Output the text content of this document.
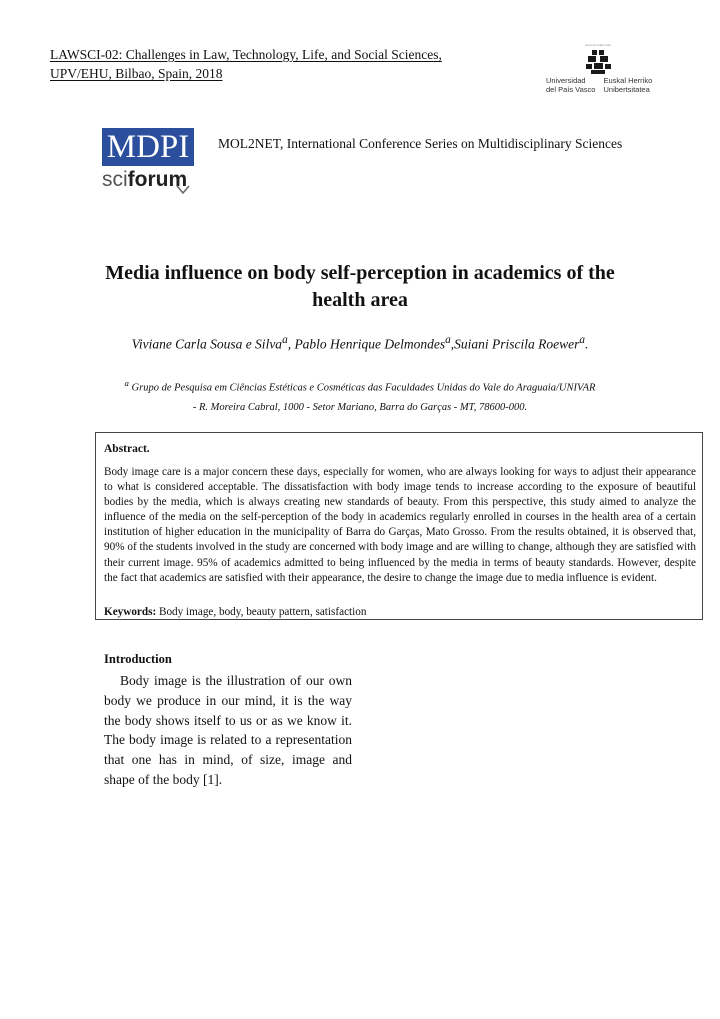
LAWSCI-02: Challenges in Law, Technology, Life, and Social Sciences,
UPV/EHU, Bilbao, Spain, 2018
eman ta zabal zazu
Universidad
del País Vasco
Euskal Herriko
Unibertsitatea
MDPI
sciforum
MOL2NET, International Conference Series on Multidisciplinary Sciences
Media influence on body self-perception in academics of the health area
Viviane Carla Sousa e Silva$^a$, Pablo Henrique Delmondes$^a$,Suiani Priscila Roewer$^a$.
$^a$ Grupo de Pesquisa em Ciências Estéticas e Cosméticas das Faculdades Unidas do Vale do Araguaia/UNIVAR
- R. Moreira Cabral, 1000 - Setor Mariano, Barra do Garças - MT, 78600-000.
Abstract.
Body image care is a major concern these days, especially for women, who are always looking for ways to adjust their appearance to what is considered acceptable. The dissatisfaction with body image tends to increase according to the exposure of beautiful bodies by the media, which is always creating new standards of beauty. From this perspective, this study aimed to analyze the influence of the media on the self-perception of the body in academics regularly enrolled in courses in the health area of a certain institution of higher education in the municipality of Barra do Garças, Mato Grosso. From the results obtained, it is observed that, 90% of the students involved in the study are concerned with body image and are willing to change, although they are satisfied with their current image. 95% of academics admitted to being influenced by the media in terms of beauty standards. However, despite the fact that academics are satisfied with their appearance, the desire to change the image due to media influence is evident.
Keywords: Body image, body, beauty pattern, satisfaction
Introduction
Body image is the illustration of our own body we produce in our mind, it is the way the body shows itself to us or as we know it. The body image is related to a representation that one has in mind, of size, image and shape of the body [1].
